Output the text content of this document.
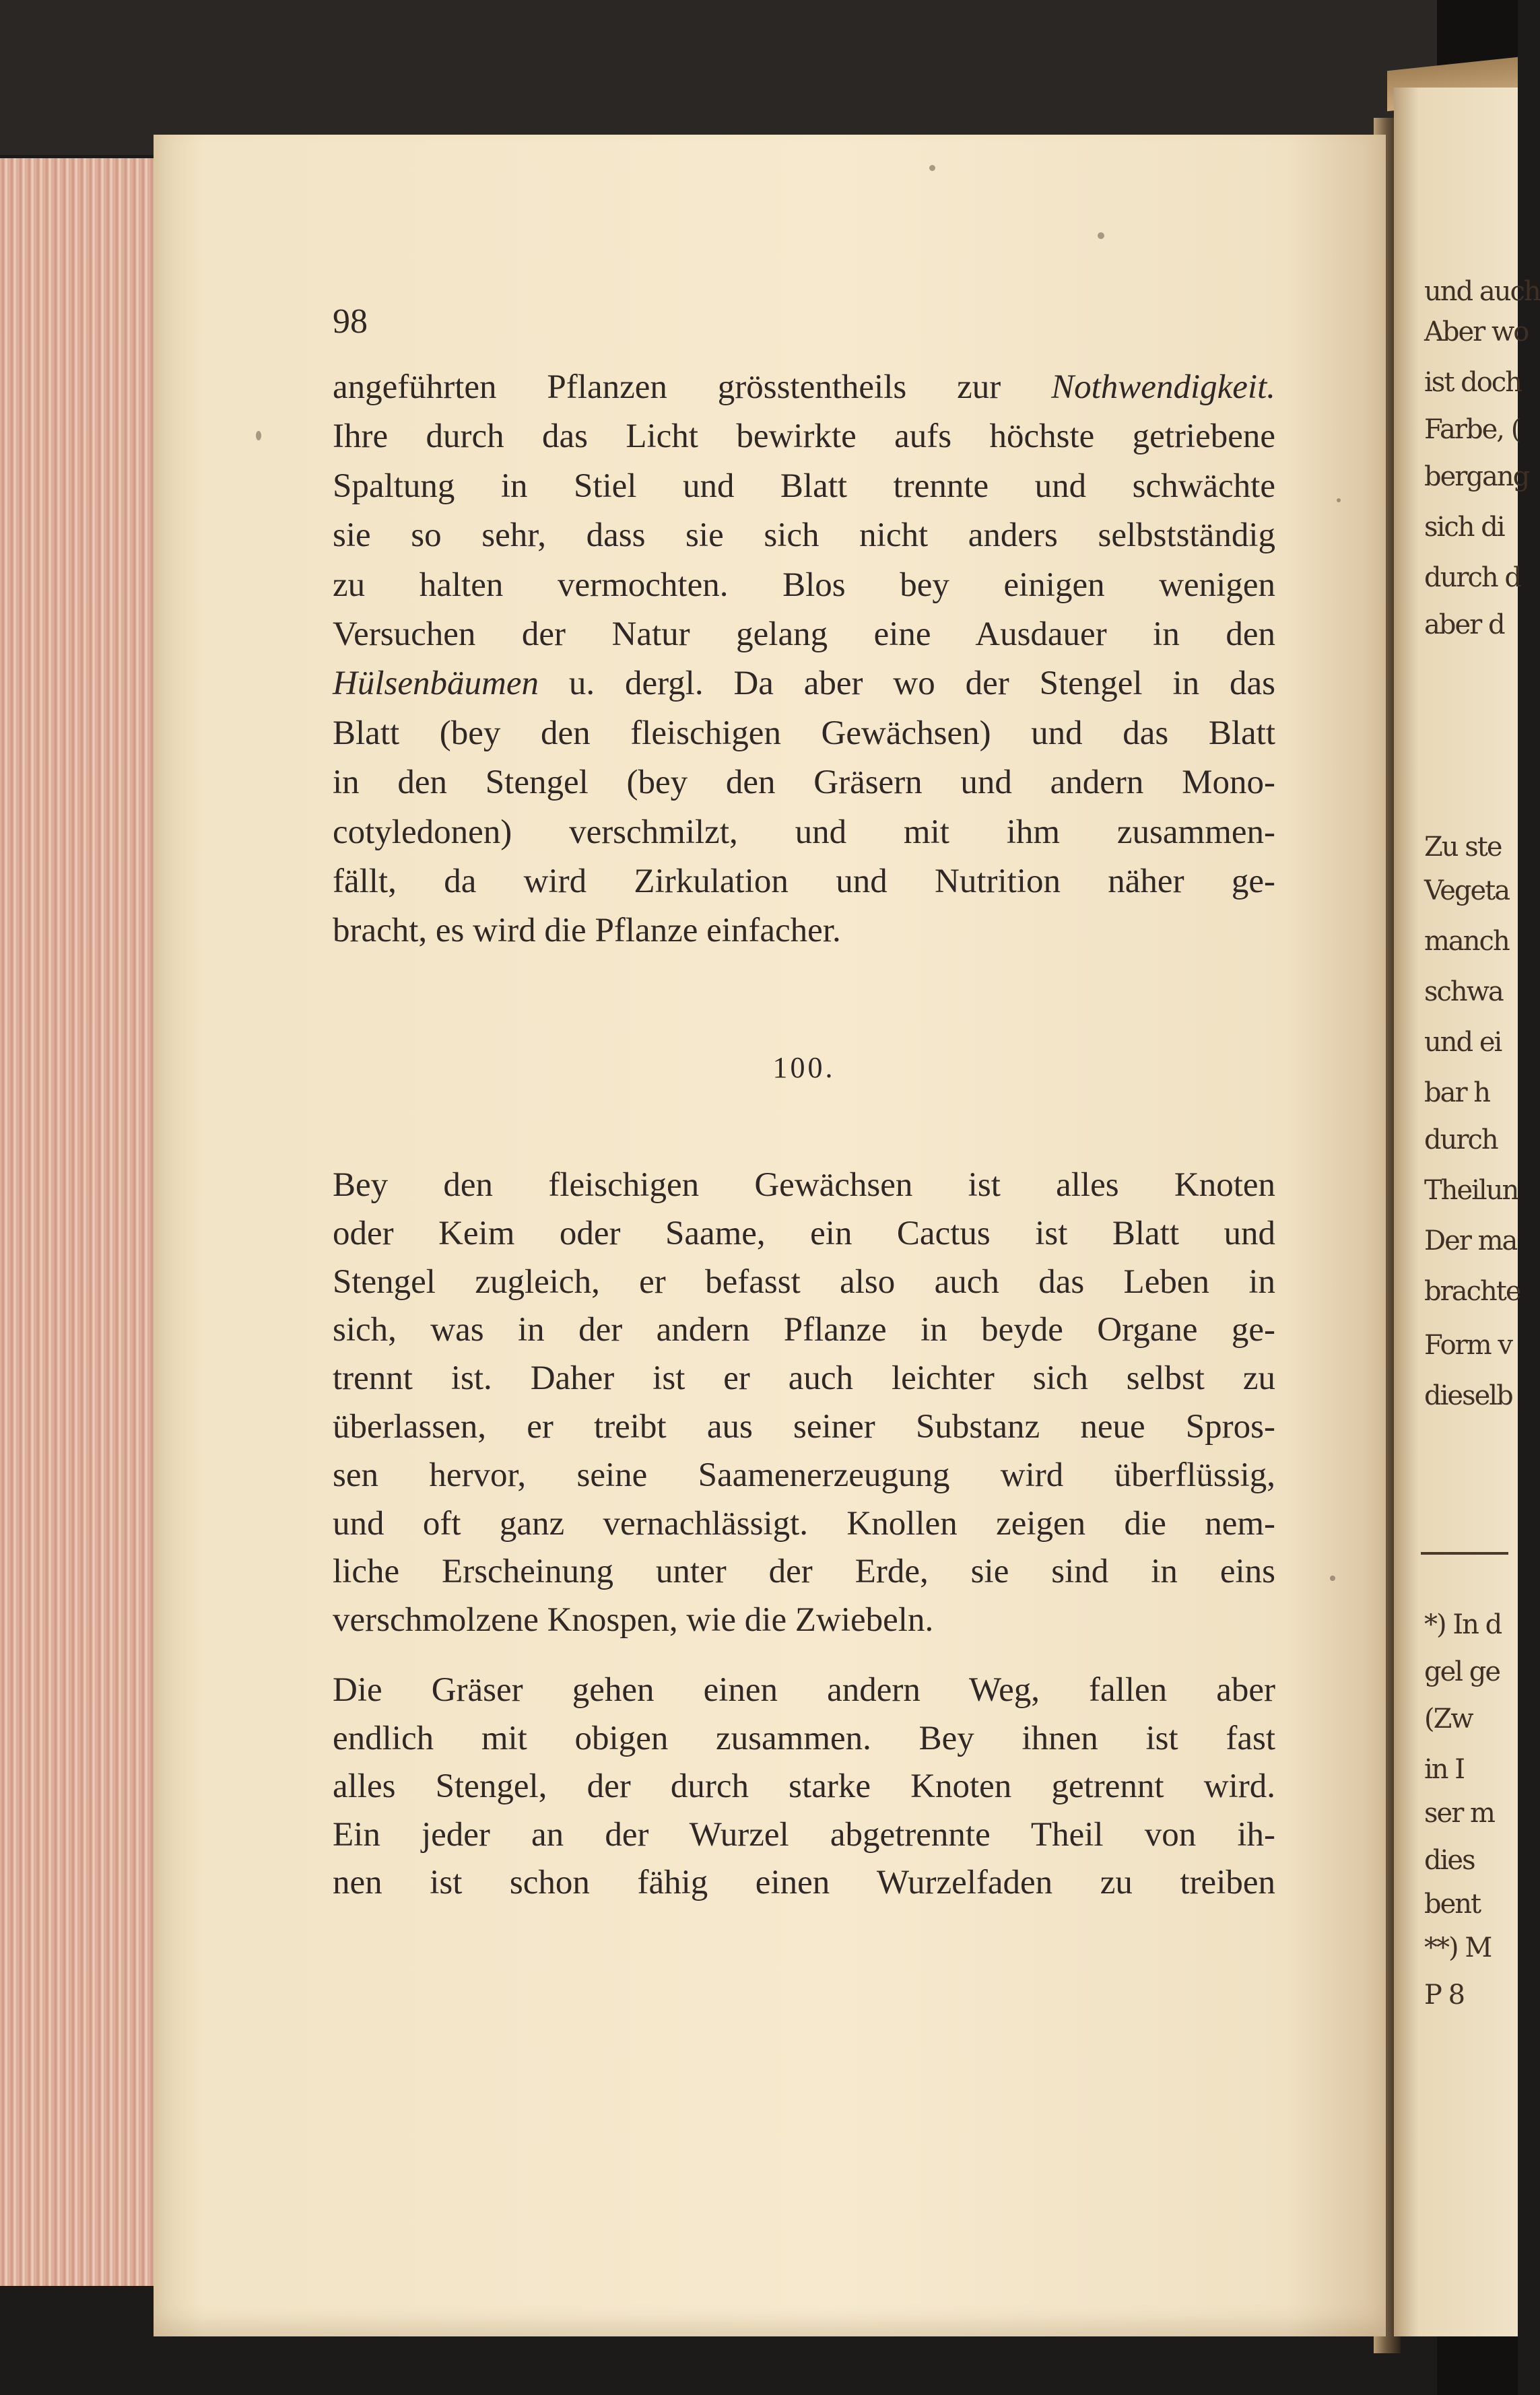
und auch
Aber wo
ist doch
Farbe, (
bergang
sich di
durch d
aber d
Zu ste
Vegeta
manch
schwa
und ei
bar h
durch
Theilun
Der ma
brachte
Form v
dieselb
*) In d
gel ge
(Zw
in I
ser m
dies
bent
**) M
P 8
98
angeführten Pflanzen grösstentheils zur Nothwendigkeit.
Ihre durch das Licht bewirkte aufs höchste getriebene
Spaltung in Stiel und Blatt trennte und schwächte
sie so sehr, dass sie sich nicht anders selbstständig
zu halten vermochten. Blos bey einigen wenigen
Versuchen der Natur gelang eine Ausdauer in den
Hülsenbäumen u. dergl. Da aber wo der Stengel in das
Blatt (bey den fleischigen Gewächsen) und das Blatt
in den Stengel (bey den Gräsern und andern Mono-
cotyledonen) verschmilzt, und mit ihm zusammen-
fällt, da wird Zirkulation und Nutrition näher ge-
bracht, es wird die Pflanze einfacher.
100.
Bey den fleischigen Gewächsen ist alles Knoten
oder Keim oder Saame, ein Cactus ist Blatt und
Stengel zugleich, er befasst also auch das Leben in
sich, was in der andern Pflanze in beyde Organe ge-
trennt ist. Daher ist er auch leichter sich selbst zu
überlassen, er treibt aus seiner Substanz neue Spros-
sen hervor, seine Saamenerzeugung wird überflüssig,
und oft ganz vernachlässigt. Knollen zeigen die nem-
liche Erscheinung unter der Erde, sie sind in eins
verschmolzene Knospen, wie die Zwiebeln.
Die Gräser gehen einen andern Weg, fallen aber
endlich mit obigen zusammen. Bey ihnen ist fast
alles Stengel, der durch starke Knoten getrennt wird.
Ein jeder an der Wurzel abgetrennte Theil von ih-
nen ist schon fähig einen Wurzelfaden zu treiben
